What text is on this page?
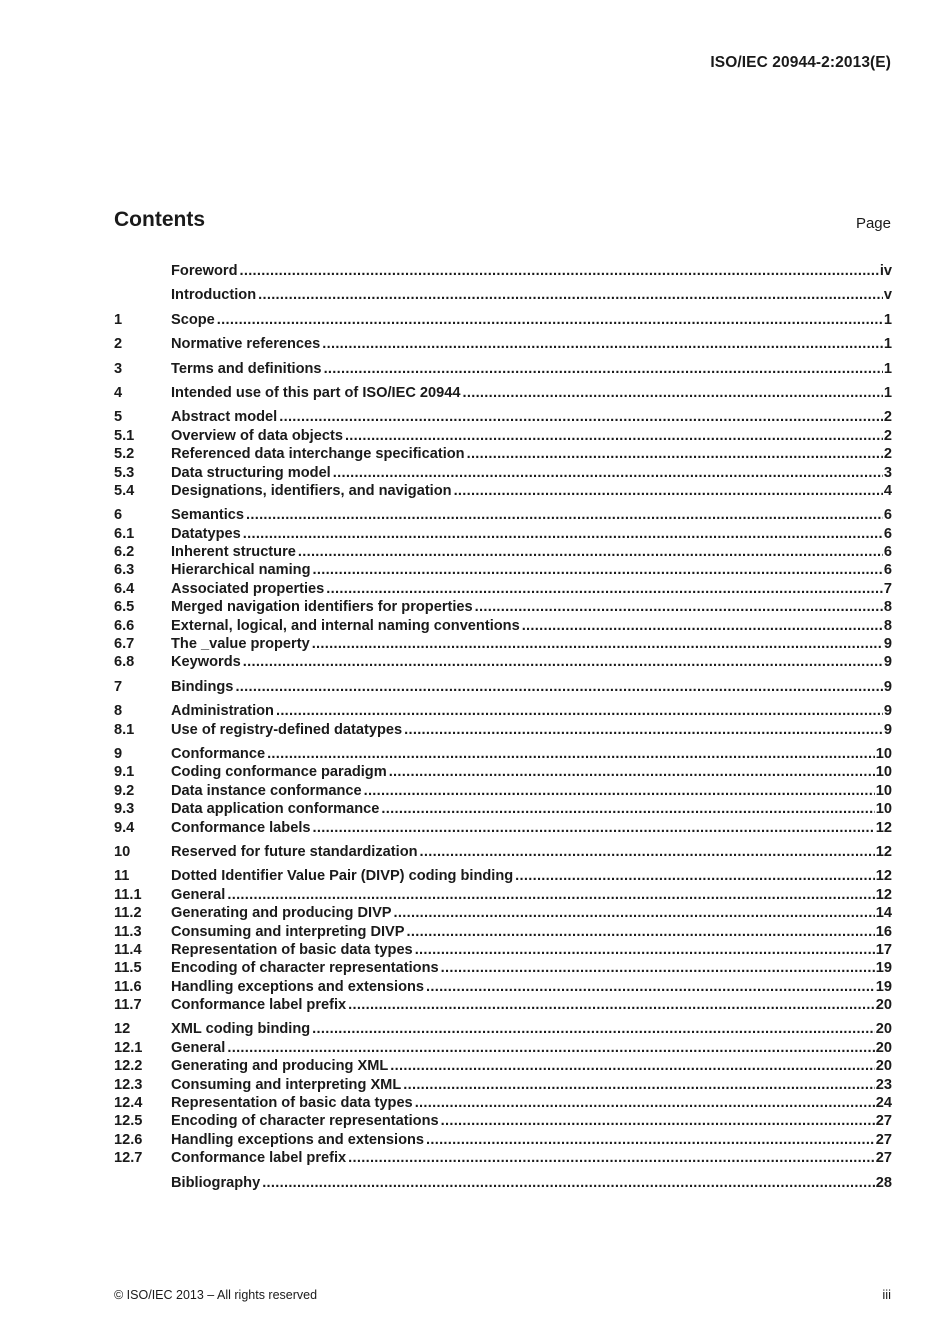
ISO/IEC 20944-2:2013(E)
Contents	Page
Foreword .....	iv
Introduction .....	v
1	Scope .....	1
2	Normative references .....	1
3	Terms and definitions .....	1
4	Intended use of this part of ISO/IEC 20944 .....	1
5	Abstract model .....	2
5.1	Overview of data objects .....	2
5.2	Referenced data interchange specification .....	2
5.3	Data structuring model .....	3
5.4	Designations, identifiers, and navigation .....	4
6	Semantics .....	6
6.1	Datatypes .....	6
6.2	Inherent structure .....	6
6.3	Hierarchical naming .....	6
6.4	Associated properties .....	7
6.5	Merged navigation identifiers for properties .....	8
6.6	External, logical, and internal naming conventions .....	8
6.7	The _value property .....	9
6.8	Keywords .....	9
7	Bindings .....	9
8	Administration .....	9
8.1	Use of registry-defined datatypes .....	9
9	Conformance .....	10
9.1	Coding conformance paradigm .....	10
9.2	Data instance conformance .....	10
9.3	Data application conformance .....	10
9.4	Conformance labels .....	12
10	Reserved for future standardization .....	12
11	Dotted Identifier Value Pair (DIVP) coding binding .....	12
11.1	General .....	12
11.2	Generating and producing DIVP .....	14
11.3	Consuming and interpreting DIVP .....	16
11.4	Representation of basic data types .....	17
11.5	Encoding of character representations .....	19
11.6	Handling exceptions and extensions .....	19
11.7	Conformance label prefix .....	20
12	XML coding binding .....	20
12.1	General .....	20
12.2	Generating and producing XML .....	20
12.3	Consuming and interpreting XML .....	23
12.4	Representation of basic data types .....	24
12.5	Encoding of character representations .....	27
12.6	Handling exceptions and extensions .....	27
12.7	Conformance label prefix .....	27
Bibliography .....	28
© ISO/IEC 2013 – All rights reserved	iii
